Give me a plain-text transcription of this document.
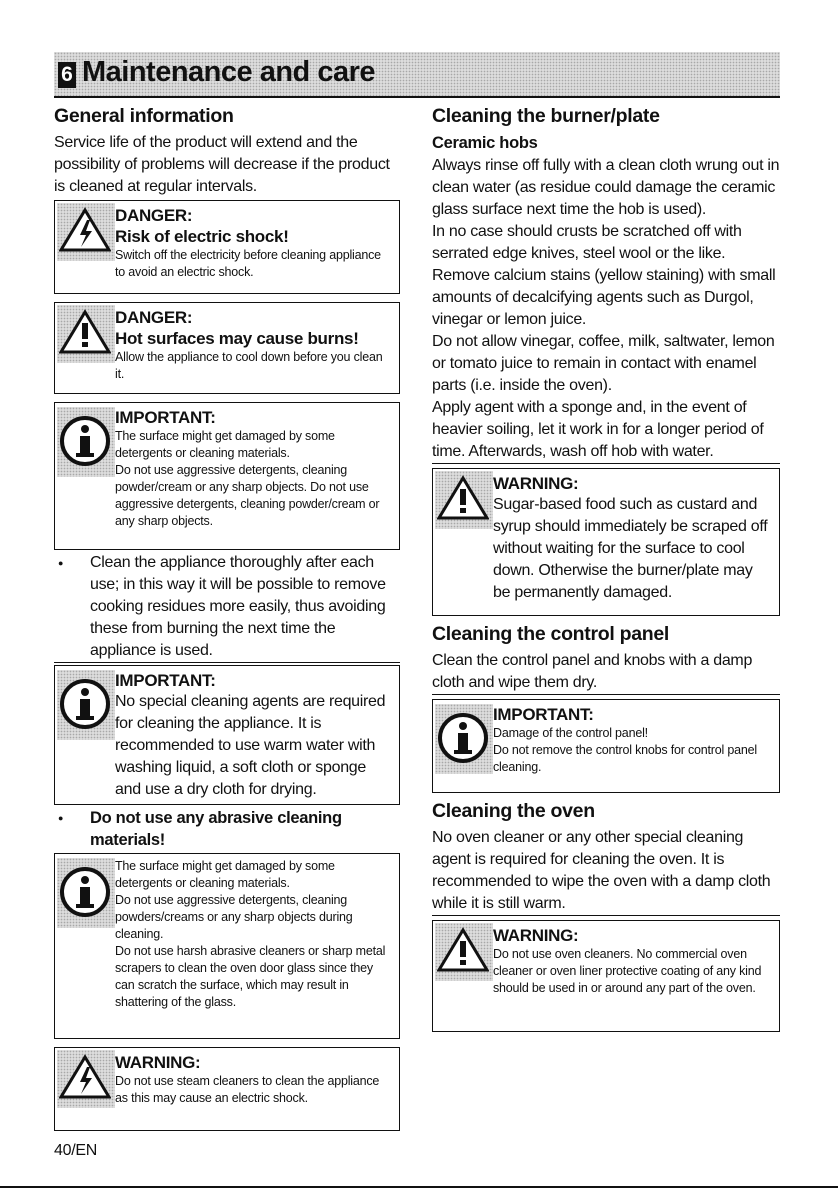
6 Maintenance and care
General information

Service life of the product will extend and the possibility of problems will decrease if the product is cleaned at regular intervals.

DANGER:
Risk of electric shock!
Switch off the electricity before cleaning appliance to avoid an electric shock.
DANGER:
Hot surfaces may cause burns!
Allow the appliance to cool down before you clean it.
IMPORTANT:
The surface might get damaged by some detergents or cleaning materials.
Do not use aggressive detergents, cleaning powder/cream or any sharp objects. Do not use aggressive detergents, cleaning powder/cream or any sharp objects.
● Clean the appliance thoroughly after each use; in this way it will be possible to remove cooking residues more easily, thus avoiding these from burning the next time the appliance is used.
IMPORTANT:
No special cleaning agents are required for cleaning the appliance. It is recommended to use warm water with washing liquid, a soft cloth or sponge and use a dry cloth for drying.
● Do not use any abrasive cleaning materials!
The surface might get damaged by some detergents or cleaning materials.
Do not use aggressive detergents, cleaning powders/creams or any sharp objects during cleaning.
Do not use harsh abrasive cleaners or sharp metal scrapers to clean the oven door glass since they can scratch the surface, which may result in shattering of the glass.
WARNING:
Do not use steam cleaners to clean the appliance as this may cause an electric shock.
Cleaning the burner/plate
Ceramic hobs

Always rinse off fully with a clean cloth wrung out in clean water (as residue could damage the ceramic glass surface next time the hob is used).

In no case should crusts be scratched off with serrated edge knives, steel wool or the like.

Remove calcium stains (yellow staining) with small amounts of decalcifying agents such as Durgol, vinegar or lemon juice.

Do not allow vinegar, coffee, milk, saltwater, lemon or tomato juice to remain in contact with enamel parts (i.e. inside the oven).

Apply agent with a sponge and, in the event of heavier soiling, let it work in for a longer period of time. Afterwards, wash off hob with water.

WARNING:
Sugar-based food such as custard and syrup should immediately be scraped off without waiting for the surface to cool down. Otherwise the burner/plate may be permanently damaged.
Cleaning the control panel

Clean the control panel and knobs with a damp cloth and wipe them dry.

IMPORTANT:
Damage of the control panel!
Do not remove the control knobs for control panel cleaning.
Cleaning the oven

No oven cleaner or any other special cleaning agent is required for cleaning the oven. It is recommended to wipe the oven with a damp cloth while it is still warm.

WARNING:
Do not use oven cleaners. No commercial oven cleaner or oven liner protective coating of any kind should be used in or around any part of the oven.
40/EN
